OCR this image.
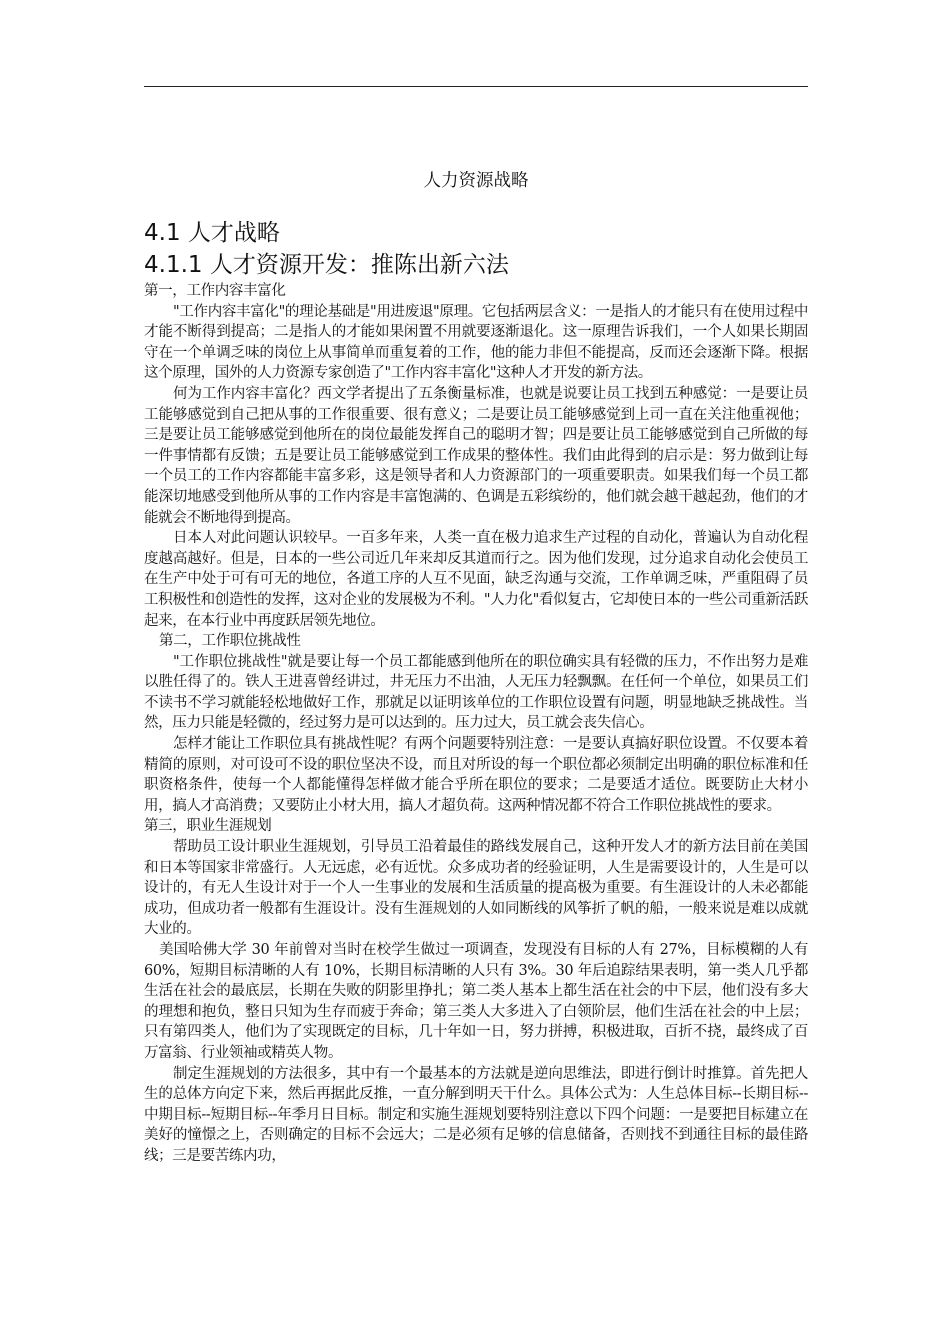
人力资源战略
4.1 人才战略
4.1.1 人才资源开发：推陈出新六法

第一，工作内容丰富化

"工作内容丰富化"的理论基础是"用进废退"原理。它包括两层含义：一是指人的才能只有在使用过程中才能不断得到提高；二是指人的才能如果闲置不用就要逐渐退化。这一原理告诉我们，一个人如果长期固守在一个单调乏味的岗位上从事简单而重复着的工作，他的能力非但不能提高，反而还会逐渐下降。根据这个原理，国外的人力资源专家创造了"工作内容丰富化"这种人才开发的新方法。

何为工作内容丰富化？西文学者提出了五条衡量标准，也就是说要让员工找到五种感觉：一是要让员工能够感觉到自己把从事的工作很重要、很有意义；二是要让员工能够感觉到上司一直在关注他重视他；三是要让员工能够感觉到他所在的岗位最能发挥自己的聪明才智；四是要让员工能够感觉到自己所做的每一件事情都有反馈；五是要让员工能够感觉到工作成果的整体性。我们由此得到的启示是：努力做到让每一个员工的工作内容都能丰富多彩，这是领导者和人力资源部门的一项重要职责。如果我们每一个员工都能深切地感受到他所从事的工作内容是丰富饱满的、色调是五彩缤纷的，他们就会越干越起劲，他们的才能就会不断地得到提高。

日本人对此问题认识较早。一百多年来，人类一直在极力追求生产过程的自动化，普遍认为自动化程度越高越好。但是，日本的一些公司近几年来却反其道而行之。因为他们发现，过分追求自动化会使员工在生产中处于可有可无的地位，各道工序的人互不见面，缺乏沟通与交流，工作单调乏味，严重阻碍了员工积极性和创造性的发挥，这对企业的发展极为不利。"人力化"看似复古，它却使日本的一些公司重新活跃起来，在本行业中再度跃居领先地位。

第二，工作职位挑战性

"工作职位挑战性"就是要让每一个员工都能感到他所在的职位确实具有轻微的压力，不作出努力是难以胜任得了的。铁人王进喜曾经讲过，井无压力不出油，人无压力轻飘飘。在任何一个单位，如果员工们不读书不学习就能轻松地做好工作，那就足以证明该单位的工作职位设置有问题，明显地缺乏挑战性。当然，压力只能是轻微的，经过努力是可以达到的。压力过大，员工就会丧失信心。

怎样才能让工作职位具有挑战性呢？有两个问题要特别注意：一是要认真搞好职位设置。不仅要本着精简的原则，对可设可不设的职位坚决不设，而且对所设的每一个职位都必须制定出明确的职位标准和任职资格条件，使每一个人都能懂得怎样做才能合乎所在职位的要求；二是要适才适位。既要防止大材小用，搞人才高消费；又要防止小材大用，搞人才超负荷。这两种情况都不符合工作职位挑战性的要求。

第三，职业生涯规划

帮助员工设计职业生涯规划，引导员工沿着最佳的路线发展自己，这种开发人才的新方法目前在美国和日本等国家非常盛行。人无远虑，必有近忧。众多成功者的经验证明，人生是需要设计的，人生是可以设计的，有无人生设计对于一个人一生事业的发展和生活质量的提高极为重要。有生涯设计的人未必都能成功，但成功者一般都有生涯设计。没有生涯规划的人如同断线的风筝折了帆的船，一般来说是难以成就大业的。

美国哈佛大学 30 年前曾对当时在校学生做过一项调查，发现没有目标的人有 27%，目标模糊的人有 60%，短期目标清晰的人有 10%，长期目标清晰的人只有 3%。30 年后追踪结果表明，第一类人几乎都生活在社会的最底层，长期在失败的阴影里挣扎；第二类人基本上都生活在社会的中下层，他们没有多大的理想和抱负，整日只知为生存而疲于奔命；第三类人大多进入了白领阶层，他们生活在社会的中上层；只有第四类人，他们为了实现既定的目标，几十年如一日，努力拼搏，积极进取，百折不挠，最终成了百万富翁、行业领袖或精英人物。

制定生涯规划的方法很多，其中有一个最基本的方法就是逆向思维法，即进行倒计时推算。首先把人生的总体方向定下来，然后再据此反推，一直分解到明天干什么。具体公式为：人生总体目标--长期目标--中期目标--短期目标--年季月日目标。制定和实施生涯规划要特别注意以下四个问题：一是要把目标建立在美好的憧憬之上，否则确定的目标不会远大；二是必须有足够的信息储备，否则找不到通往目标的最佳路线；三是要苦练内功，
